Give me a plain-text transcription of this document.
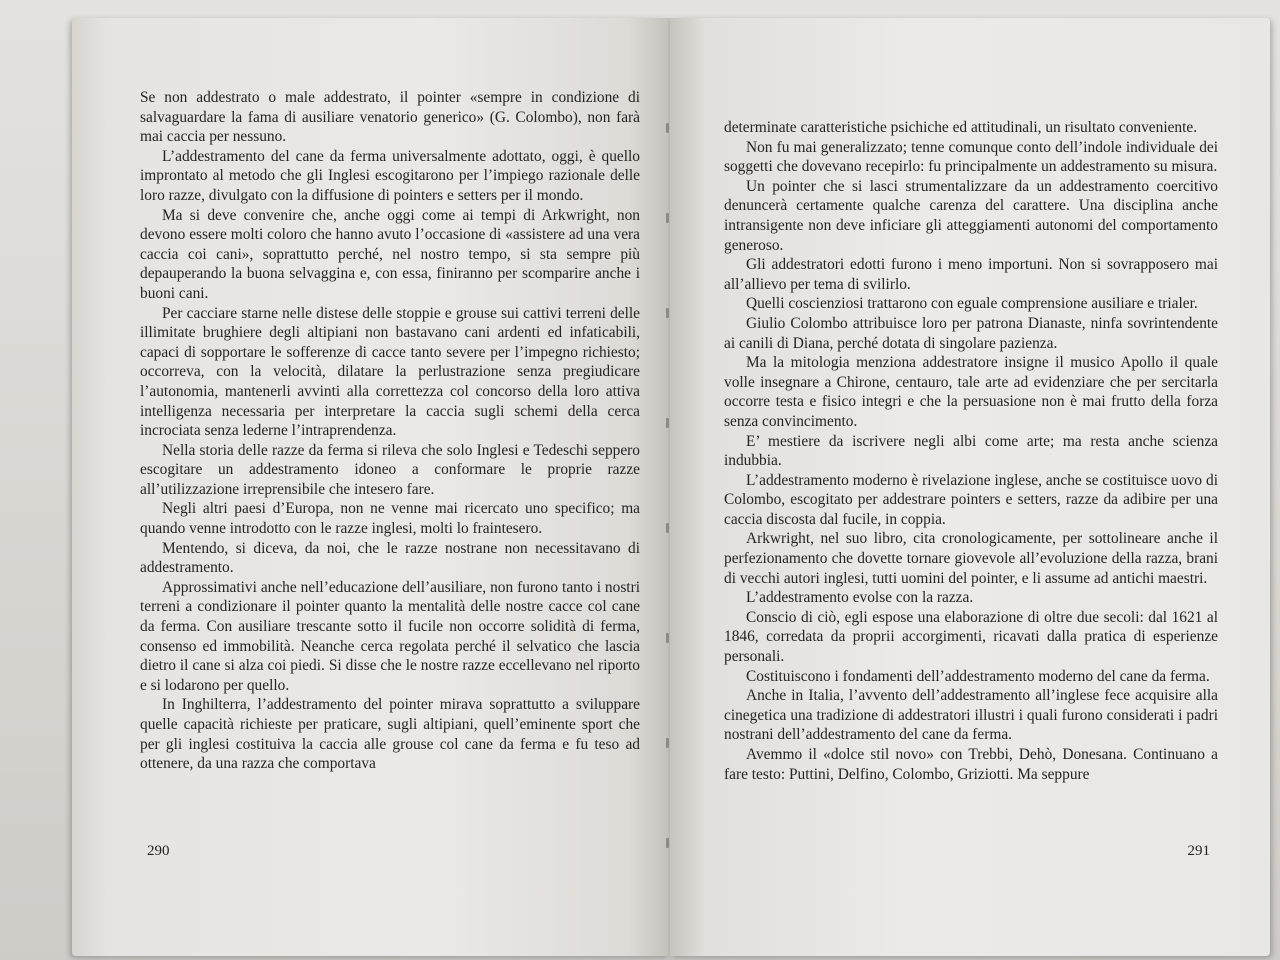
Se non addestrato o male addestrato, il pointer «sempre in condizione di salvaguardare la fama di ausiliare venatorio generico» (G. Colombo), non farà mai caccia per nessuno.

L’addestramento del cane da ferma universalmente adottato, oggi, è quello improntato al metodo che gli Inglesi escogitarono per l’impiego razionale delle loro razze, divulgato con la diffusione di pointers e setters per il mondo.

Ma si deve convenire che, anche oggi come ai tempi di Arkwright, non devono essere molti coloro che hanno avuto l’occasione di «assistere ad una vera caccia coi cani», soprattutto perché, nel nostro tempo, si sta sempre più depauperando la buona selvaggina e, con essa, finiranno per scomparire anche i buoni cani.

Per cacciare starne nelle distese delle stoppie e grouse sui cattivi terreni delle illimitate brughiere degli altipiani non bastavano cani ardenti ed infaticabili, capaci di sopportare le sofferenze di cacce tanto severe per l’impegno richiesto; occorreva, con la velocità, dilatare la perlustrazione senza pregiudicare l’autonomia, mantenerli avvinti alla correttezza col concorso della loro attiva intelligenza necessaria per interpretare la caccia sugli schemi della cerca incrociata senza lederne l’intraprendenza.

Nella storia delle razze da ferma si rileva che solo Inglesi e Tedeschi seppero escogitare un addestramento idoneo a conformare le proprie razze all’utilizzazione irreprensibile che intesero fare.

Negli altri paesi d’Europa, non ne venne mai ricercato uno specifico; ma quando venne introdotto con le razze inglesi, molti lo fraintesero.

Mentendo, si diceva, da noi, che le razze nostrane non necessitavano di addestramento.

Approssimativi anche nell’educazione dell’ausiliare, non furono tanto i nostri terreni a condizionare il pointer quanto la mentalità delle nostre cacce col cane da ferma. Con ausiliare trescante sotto il fucile non occorre solidità di ferma, consenso ed immobilità. Neanche cerca regolata perché il selvatico che lascia dietro il cane si alza coi piedi. Si disse che le nostre razze eccellevano nel riporto e si lodarono per quello.

In Inghilterra, l’addestramento del pointer mirava soprattutto a sviluppare quelle capacità richieste per praticare, sugli altipiani, quell’eminente sport che per gli inglesi costituiva la caccia alle grouse col cane da ferma e fu teso ad ottenere, da una razza che comportava

290

determinate caratteristiche psichiche ed attitudinali, un risultato conveniente.

Non fu mai generalizzato; tenne comunque conto dell’indole individuale dei soggetti che dovevano recepirlo: fu principalmente un addestramento su misura.

Un pointer che si lasci strumentalizzare da un addestramento coercitivo denuncerà certamente qualche carenza del carattere. Una disciplina anche intransigente non deve inficiare gli atteggiamenti autonomi del comportamento generoso.

Gli addestratori edotti furono i meno importuni. Non si sovrapposero mai all’allievo per tema di svilirlo.

Quelli coscienziosi trattarono con eguale comprensione ausiliare e trialer.

Giulio Colombo attribuisce loro per patrona Dianaste, ninfa sovrintendente ai canili di Diana, perché dotata di singolare pazienza.

Ma la mitologia menziona addestratore insigne il musico Apollo il quale volle insegnare a Chirone, centauro, tale arte ad evidenziare che per sercitarla occorre testa e fisico integri e che la persuasione non è mai frutto della forza senza convincimento.

E’ mestiere da iscrivere negli albi come arte; ma resta anche scienza indubbia.

L’addestramento moderno è rivelazione inglese, anche se costituisce uovo di Colombo, escogitato per addestrare pointers e setters, razze da adibire per una caccia discosta dal fucile, in coppia.

Arkwright, nel suo libro, cita cronologicamente, per sottolineare anche il perfezionamento che dovette tornare giovevole all’evoluzione della razza, brani di vecchi autori inglesi, tutti uomini del pointer, e li assume ad antichi maestri.

L’addestramento evolse con la razza.

Conscio di ciò, egli espose una elaborazione di oltre due secoli: dal 1621 al 1846, corredata da proprii accorgimenti, ricavati dalla pratica di esperienze personali.

Costituiscono i fondamenti dell’addestramento moderno del cane da ferma.

Anche in Italia, l’avvento dell’addestramento all’inglese fece acquisire alla cinegetica una tradizione di addestratori illustri i quali furono considerati i padri nostrani dell’addestramento del cane da ferma.

Avemmo il «dolce stil novo» con Trebbi, Dehò, Donesana. Continuano a fare testo: Puttini, Delfino, Colombo, Griziotti. Ma seppure

291
